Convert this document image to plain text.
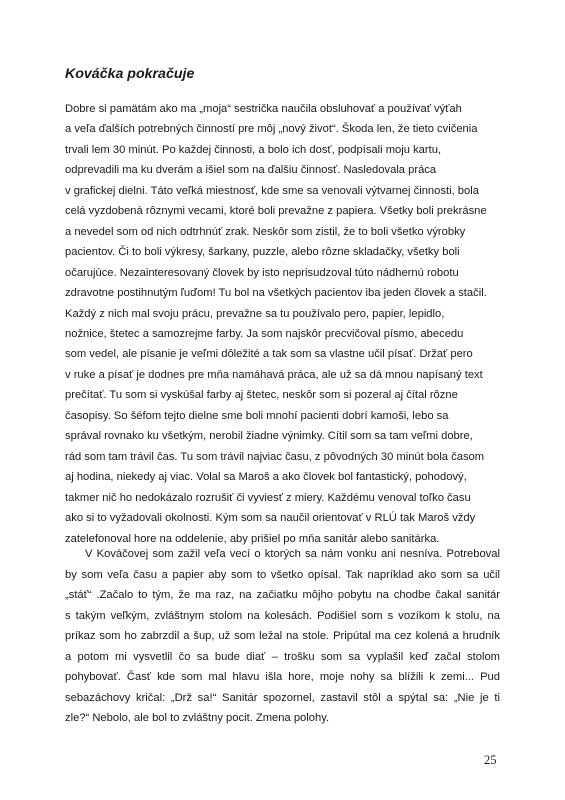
Kováčka pokračuje
Dobre si pamätám ako ma „moja“ sestrička naučila obsluhovať a používať výťah
a veľa ďalších potrebných činností pre môj „nový život“. Škoda len, že tieto cvičenia
trvali lem 30 minút. Po každej činnosti, a bolo ich dosť, podpísali moju kartu,
odprevadili ma ku dverám a išiel som na ďalšiu činnosť. Nasledovala práca
v grafickej dielni. Táto veľká miestnosť, kde sme sa venovali výtvarnej činnosti, bola
celá vyzdobená rôznymi vecami, ktoré boli prevažne z papiera. Všetky boli prekrásne
a nevedel som od nich odtrhnúť zrak. Neskôr som zistil, že to boli všetko výrobky
pacientov. Či to boli výkresy, šarkany, puzzle, alebo rôzne skladačky, všetky boli
očarujúce. Nezainteresovaný človek by isto neprisudzoval túto nádhernú robotu
zdravotne postihnutým ľuďom! Tu bol na všetkých pacientov iba jeden človek a stačil.
Každý z nich mal svoju prácu, prevažne sa tu používalo pero, papier, lepidlo,
nožnice, štetec a samozrejme farby. Ja som najskôr precvičoval písmo, abecedu
som vedel, ale písanie je veľmi dôležité a tak som sa vlastne učil písať. Držať pero
v ruke a písať je dodnes pre mňa namáhavá práca, ale už sa dá mnou napísaný text
prečítať. Tu som si vyskúšal farby aj štetec, neskôr som si pozeral aj čítal rôzne
časopisy. So šéfom tejto dielne sme boli mnohí pacienti dobrí kamoši, lebo sa
správal rovnako ku všetkým, nerobil žiadne výnimky. Cítil som sa tam veľmi dobre,
rád som tam trávil čas. Tu som trávil najviac času, z pôvodných 30 minút bola časom
aj hodina, niekedy aj viac. Volal sa Maroš a ako človek bol fantastický, pohodový,
takmer nič ho nedokázalo rozrušiť či vyviesť z miery. Každému venoval toľko času
ako si to vyžadovali okolnosti. Kým som sa naučil orientovať v RLÚ tak Maroš vždy
zatelefonoval hore na oddelenie, aby prišiel po mňa sanitár alebo sanitárka.
V Kováčovej som zažil veľa vecí o ktorých sa nám vonku ani nesnívа. Potreboval
by som veľa času a papier aby som to všetko opísal. Tak napríklad ako som sa učil
„stáť“ .Začalo to tým, že ma raz, na začiatku môjho pobytu na chodbe čakal sanitár
s takým veľkým, zvláštnym stolom na kolesách. Podišiel som s vozíkom k stolu, na
príkaz som ho zabrzdil a šup, už som ležal na stole. Pripútal ma cez kolená a hrudník
a potom mi vysvetlil čo sa bude diať – trošku som sa vyplašil keď začal stolom
pohybovať. Časť kde som mal hlavu išla hore, moje nohy sa blížili k zemi... Pud
sebazáchovy kričal: „Drž sa!“ Sanitár spozornel, zastavil stôl a spýtal sa: „Nie je ti
zle?“ Nebolo, ale bol to zvláštny pocit. Zmena polohy.
25
